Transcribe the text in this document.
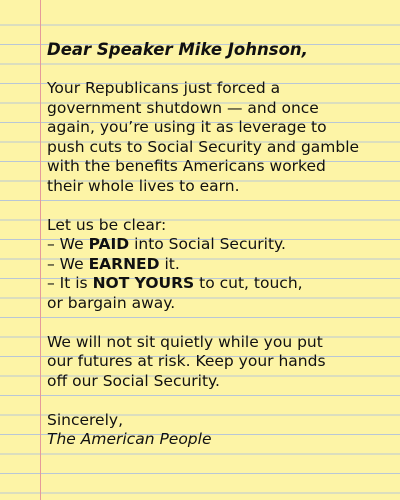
Dear Speaker Mike Johnson,
Your Republicans just forced a
government shutdown — and once
again, you’re using it as leverage to
push cuts to Social Security and gamble
with the benefits Americans worked
their whole lives to earn.
Let us be clear:
– We PAID into Social Security.
– We EARNED it.
– It is NOT YOURS to cut, touch,
or bargain away.
We will not sit quietly while you put
our futures at risk. Keep your hands
off our Social Security.
Sincerely,
The American People
